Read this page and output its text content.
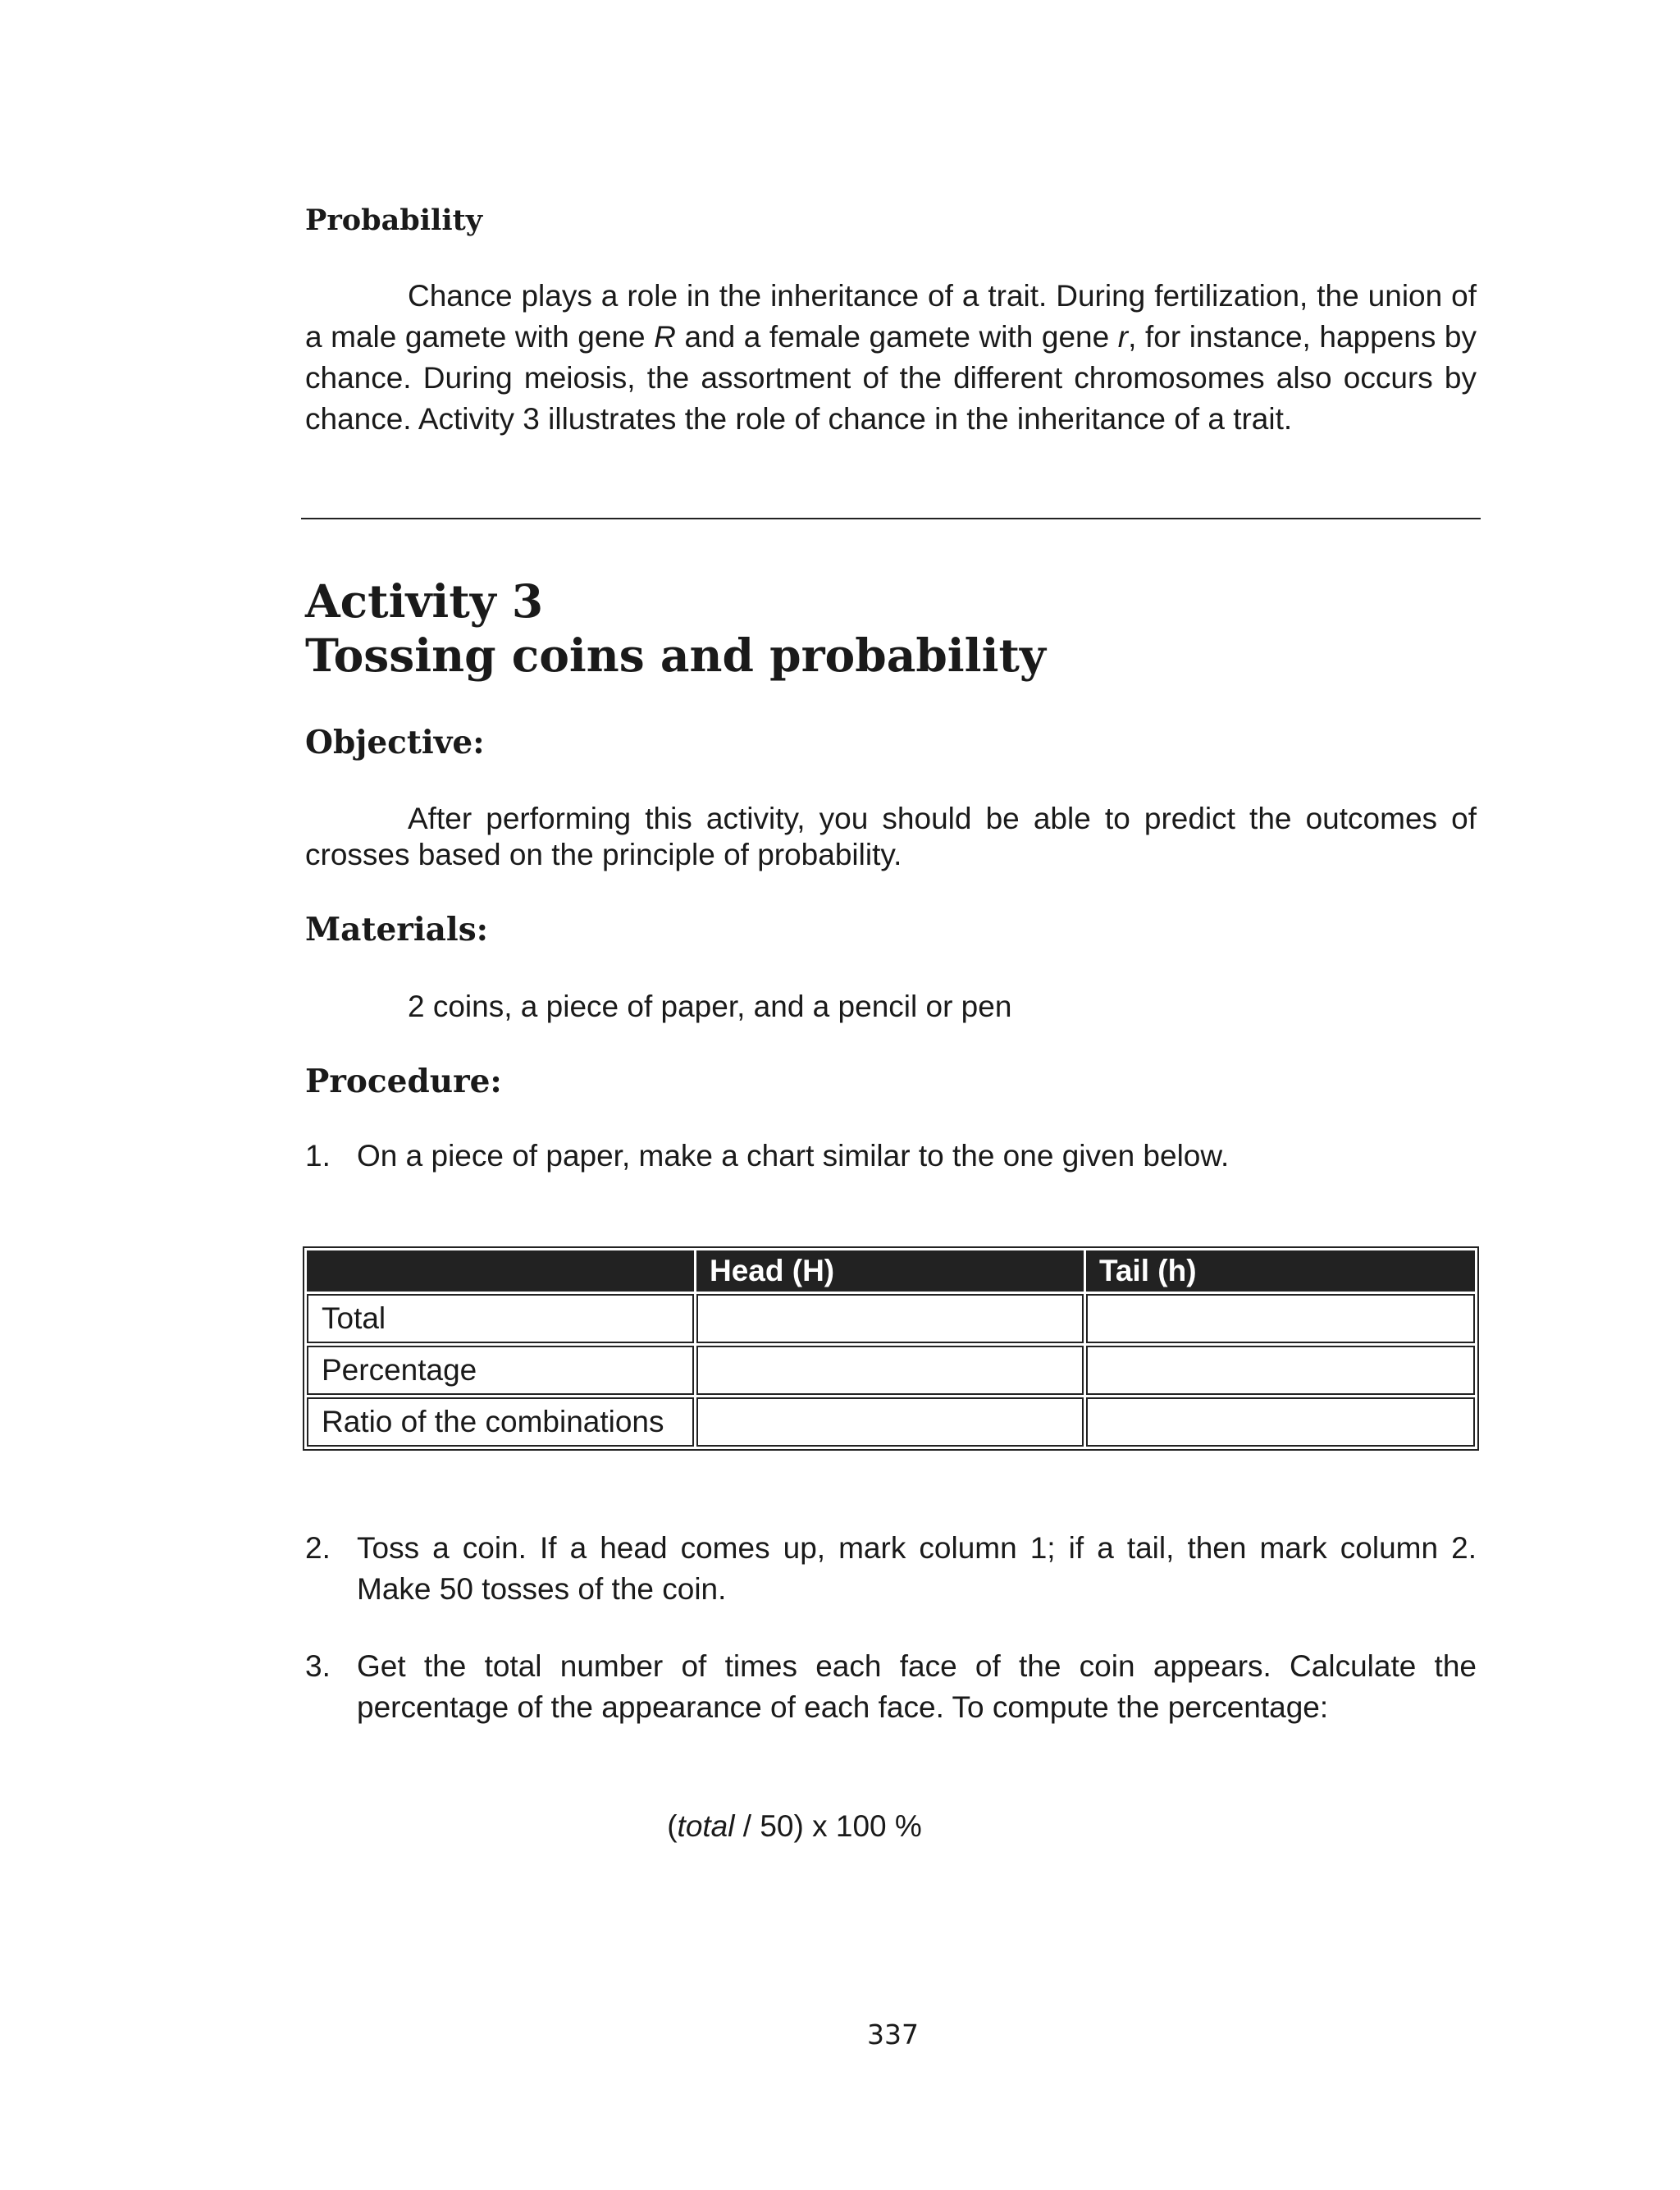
Probability

Chance plays a role in the inheritance of a trait. During fertilization, the union of a male gamete with gene R and a female gamete with gene r, for instance, happens by chance. During meiosis, the assortment of the different chromosomes also occurs by chance. Activity 3 illustrates the role of chance in the inheritance of a trait.

Activity 3
Tossing coins and probability
Objective:

After performing this activity, you should be able to predict the outcomes of crosses based on the principle of probability.

Materials:

2 coins, a piece of paper, and a pencil or pen

Procedure:
1. On a piece of paper, make a chart similar to the one given below.
	Head (H)	Tail (h)
Total		
Percentage		
Ratio of the combinations		
2. Toss a coin. If a head comes up, mark column 1; if a tail, then mark column 2. Make 50 tosses of the coin.
3. Get the total number of times each face of the coin appears. Calculate the percentage of the appearance of each face. To compute the percentage:
(total / 50) x 100 %
337
